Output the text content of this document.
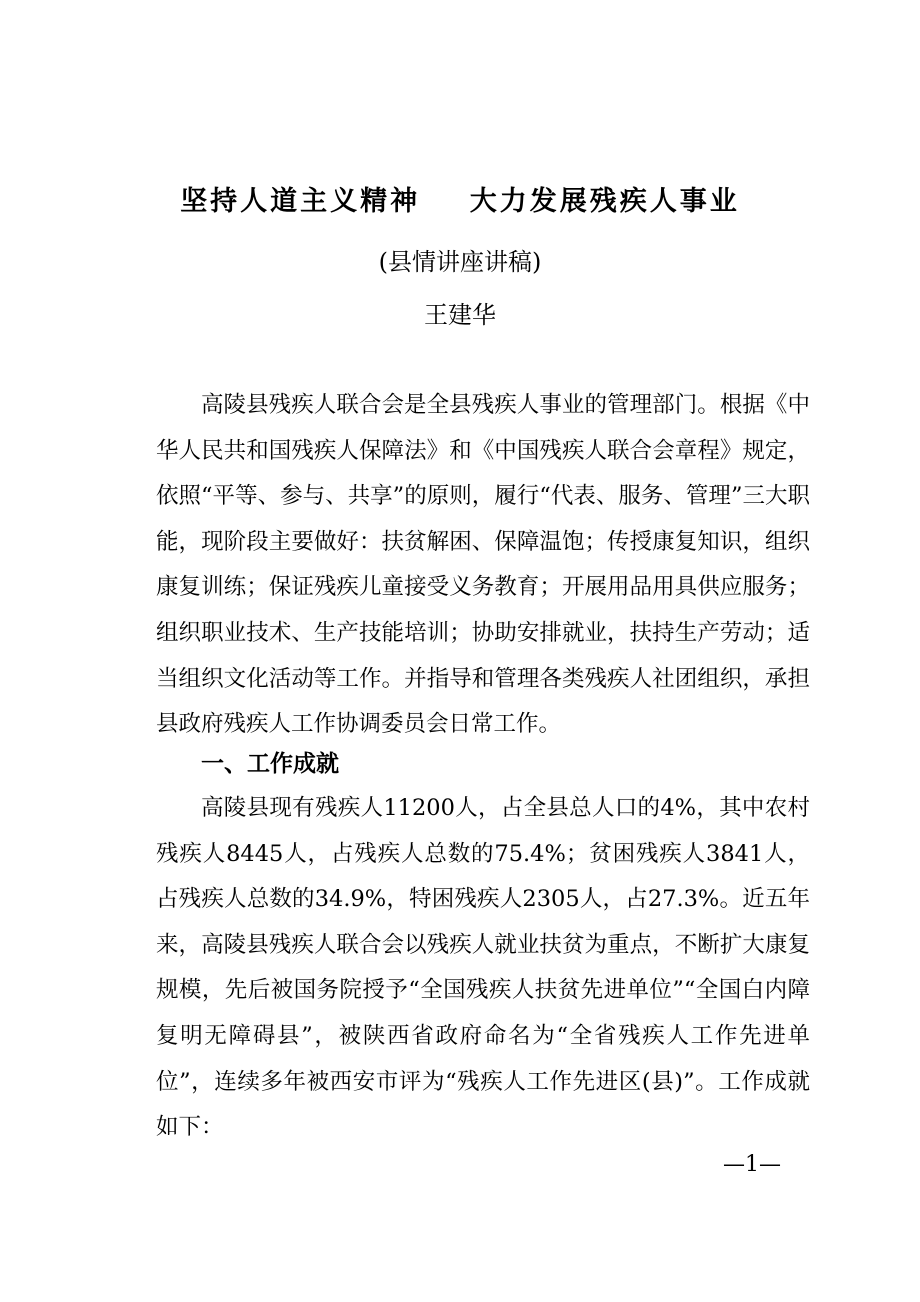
坚持人道主义精神    大力发展残疾人事业
(县情讲座讲稿)
王建华

高陵县残疾人联合会是全县残疾人事业的管理部门。根据《中华人民共和国残疾人保障法》和《中国残疾人联合会章程》规定，依照“平等、参与、共享”的原则，履行“代表、服务、管理”三大职能，现阶段主要做好：扶贫解困、保障温饱；传授康复知识，组织康复训练；保证残疾儿童接受义务教育；开展用品用具供应服务；组织职业技术、生产技能培训；协助安排就业，扶持生产劳动；适当组织文化活动等工作。并指导和管理各类残疾人社团组织，承担县政府残疾人工作协调委员会日常工作。

一、工作成就

高陵县现有残疾人11200人，占全县总人口的4%，其中农村残疾人8445人，占残疾人总数的75.4%；贫困残疾人3841人，占残疾人总数的34.9%，特困残疾人2305人，占27.3%。近五年来，高陵县残疾人联合会以残疾人就业扶贫为重点，不断扩大康复规模，先后被国务院授予“全国残疾人扶贫先进单位”“全国白内障复明无障碍县”，被陕西省政府命名为“全省残疾人工作先进单位”，连续多年被西安市评为“残疾人工作先进区(县)”。工作成就如下：

—1—
